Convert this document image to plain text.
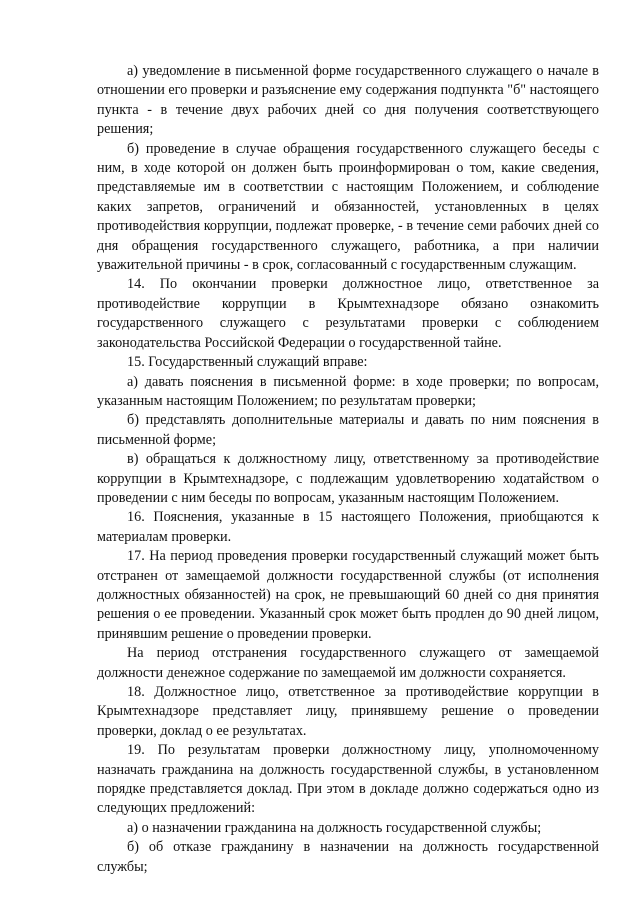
а) уведомление в письменной форме государственного служащего о начале в отношении его проверки и разъяснение ему содержания подпункта "б" настоящего пункта - в течение двух рабочих дней со дня получения соответствующего решения;

б) проведение в случае обращения государственного служащего беседы с ним, в ходе которой он должен быть проинформирован о том, какие сведения, представляемые им в соответствии с настоящим Положением, и соблюдение каких запретов, ограничений и обязанностей, установленных в целях противодействия коррупции, подлежат проверке, - в течение семи рабочих дней со дня обращения государственного служащего, работника, а при наличии уважительной причины - в срок, согласованный с государственным служащим.

14. По окончании проверки должностное лицо, ответственное за противодействие коррупции в Крымтехнадзоре обязано ознакомить государственного служащего с результатами проверки с соблюдением законодательства Российской Федерации о государственной тайне.

15. Государственный служащий вправе:

а) давать пояснения в письменной форме: в ходе проверки; по вопросам, указанным настоящим Положением; по результатам проверки;

б) представлять дополнительные материалы и давать по ним пояснения в письменной форме;

в) обращаться к должностному лицу, ответственному за противодействие коррупции в Крымтехнадзоре, с подлежащим удовлетворению ходатайством о проведении с ним беседы по вопросам, указанным настоящим Положением.

16. Пояснения, указанные в 15 настоящего Положения, приобщаются к материалам проверки.

17. На период проведения проверки государственный служащий может быть отстранен от замещаемой должности государственной службы (от исполнения должностных обязанностей) на срок, не превышающий 60 дней со дня принятия решения о ее проведении. Указанный срок может быть продлен до 90 дней лицом, принявшим решение о проведении проверки.

На период отстранения государственного служащего от замещаемой должности денежное содержание по замещаемой им должности сохраняется.

18. Должностное лицо, ответственное за противодействие коррупции в Крымтехнадзоре представляет лицу, принявшему решение о проведении проверки, доклад о ее результатах.

19. По результатам проверки должностному лицу, уполномоченному назначать гражданина на должность государственной службы, в установленном порядке представляется доклад. При этом в докладе должно содержаться одно из следующих предложений:

а) о назначении гражданина на должность государственной службы;

б) об отказе гражданину в назначении на должность государственной службы;
